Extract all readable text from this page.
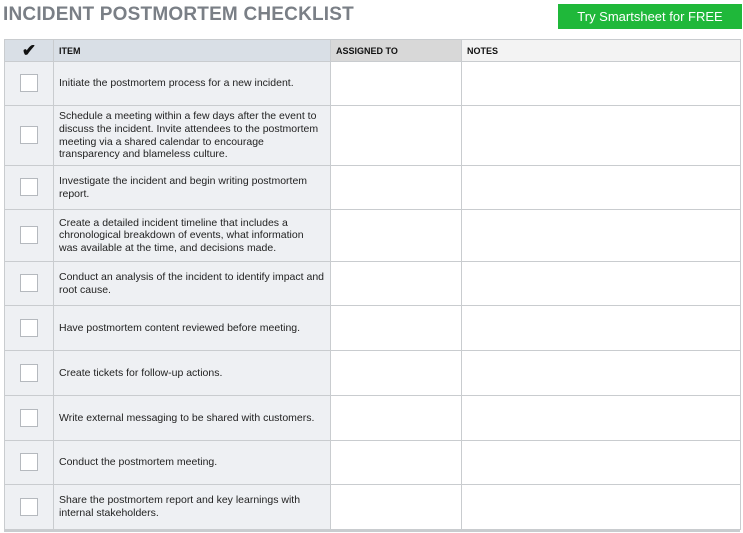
INCIDENT POSTMORTEM CHECKLIST	Try Smartsheet for FREE
✔	ITEM	ASSIGNED TO	NOTES
	Initiate the postmortem process for a new incident.		
	Schedule a meeting within a few days after the event to discuss the incident. Invite attendees to the postmortem meeting via a shared calendar to encourage transparency and blameless culture.		
	Investigate the incident and begin writing postmortem report.		
	Create a detailed incident timeline that includes a chronological breakdown of events, what information was available at the time, and decisions made.		
	Conduct an analysis of the incident to identify impact and root cause.		
	Have postmortem content reviewed before meeting.		
	Create tickets for follow-up actions.		
	Write external messaging to be shared with customers.		
	Conduct the postmortem meeting.		
	Share the postmortem report and key learnings with internal stakeholders.		
